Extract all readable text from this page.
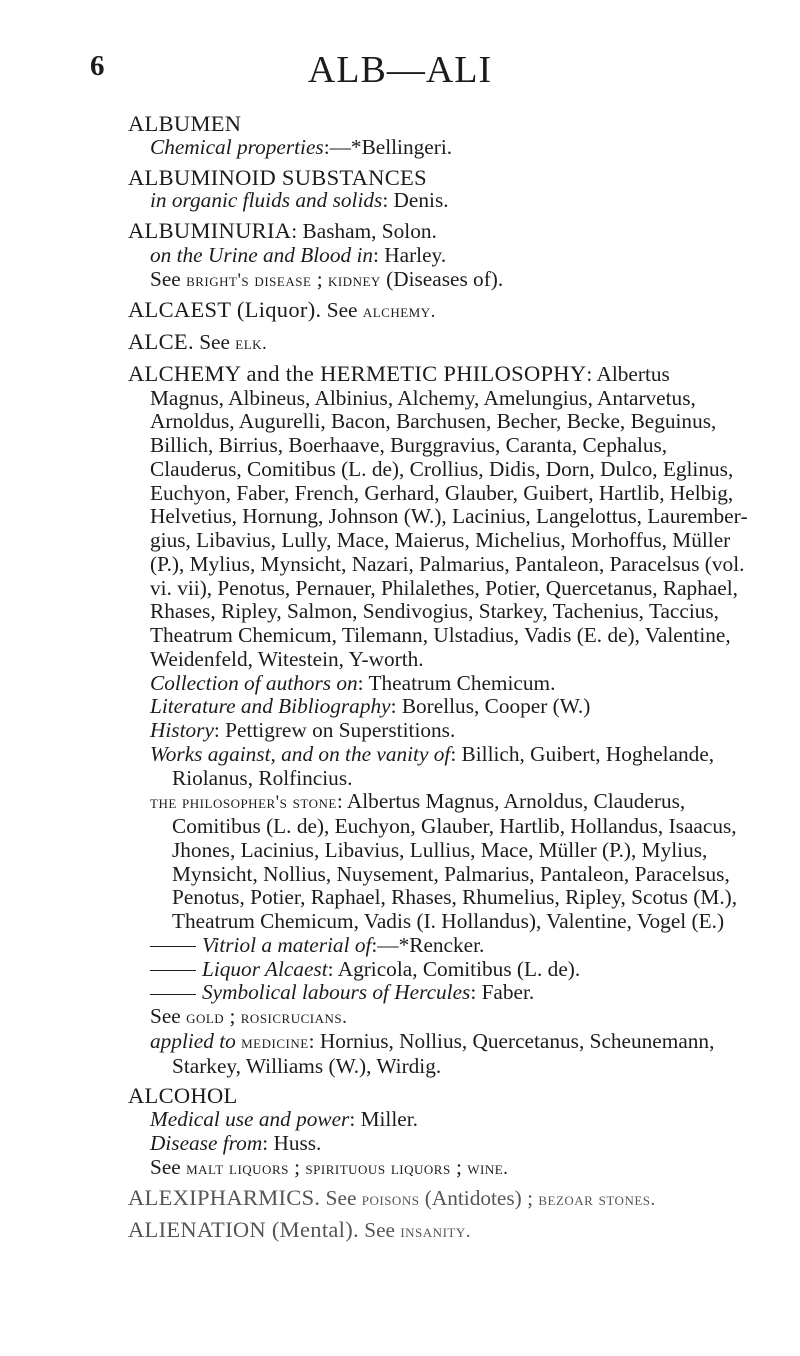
6	ALB—ALI
ALBUMEN
Chemical properties:—*Bellingeri.
ALBUMINOID SUBSTANCES
in organic fluids and solids: Denis.
ALBUMINURIA: Basham, Solon.
on the Urine and Blood in: Harley.
See bright's disease ; kidney (Diseases of).
ALCAEST (Liquor). See alchemy.
ALCE. See elk.
ALCHEMY and the HERMETIC PHILOSOPHY: Albertus Magnus, Albineus, Albinius, Alchemy, Amelungius, Antarvetus, Arnoldus, Augurelli, Bacon, Barchusen, Becher, Becke, Beguinus, Billich, Birrius, Boerhaave, Burggravius, Caranta, Cephalus, Clauderus, Comitibus (L. de), Crollius, Didis, Dorn, Dulco, Eglinus, Euchyon, Faber, French, Gerhard, Glauber, Guibert, Hartlib, Helbig, Helvetius, Hornung, Johnson (W.), Lacinius, Langelottus, Laurembergius, Libavius, Lully, Mace, Maierus, Michelius, Morhoffus, Müller (P.), Mylius, Mynsicht, Nazari, Palmarius, Pantaleon, Paracelsus (vol. vi. vii), Penotus, Pernauer, Philalethes, Potier, Quercetanus, Raphael, Rhases, Ripley, Salmon, Sendivogius, Starkey, Tachenius, Taccius, Theatrum Chemicum, Tilemann, Ulstadius, Vadis (E. de), Valentine, Weidenfeld, Witestein, Y-worth.
Collection of authors on: Theatrum Chemicum.
Literature and Bibliography: Borellus, Cooper (W.)
History: Pettigrew on Superstitions.
Works against, and on the vanity of: Billich, Guibert, Hoghelande, Riolanus, Rolfincius.
the philosopher's stone: Albertus Magnus, Arnoldus, Clauderus, Comitibus (L. de), Euchyon, Glauber, Hartlib, Hollandus, Isaacus, Jhones, Lacinius, Libavius, Lullius, Mace, Müller (P.), Mylius, Mynsicht, Nollius, Nuysement, Palmarius, Pantaleon, Paracelsus, Penotus, Potier, Raphael, Rhases, Rhumelius, Ripley, Scotus (M.), Theatrum Chemicum, Vadis (I. Hollandus), Valentine, Vogel (E.)
Vitriol a material of:—*Rencker.
Liquor Alcaest: Agricola, Comitibus (L. de).
Symbolical labours of Hercules: Faber.
See gold ; rosicrucians.
applied to medicine: Hornius, Nollius, Quercetanus, Scheunemann, Starkey, Williams (W.), Wirdig.
ALCOHOL
Medical use and power: Miller.
Disease from: Huss.
See malt liquors ; spirituous liquors ; wine.
ALEXIPHARMICS. See poisons (Antidotes) ; bezoar stones.
ALIENATION (Mental). See insanity.
